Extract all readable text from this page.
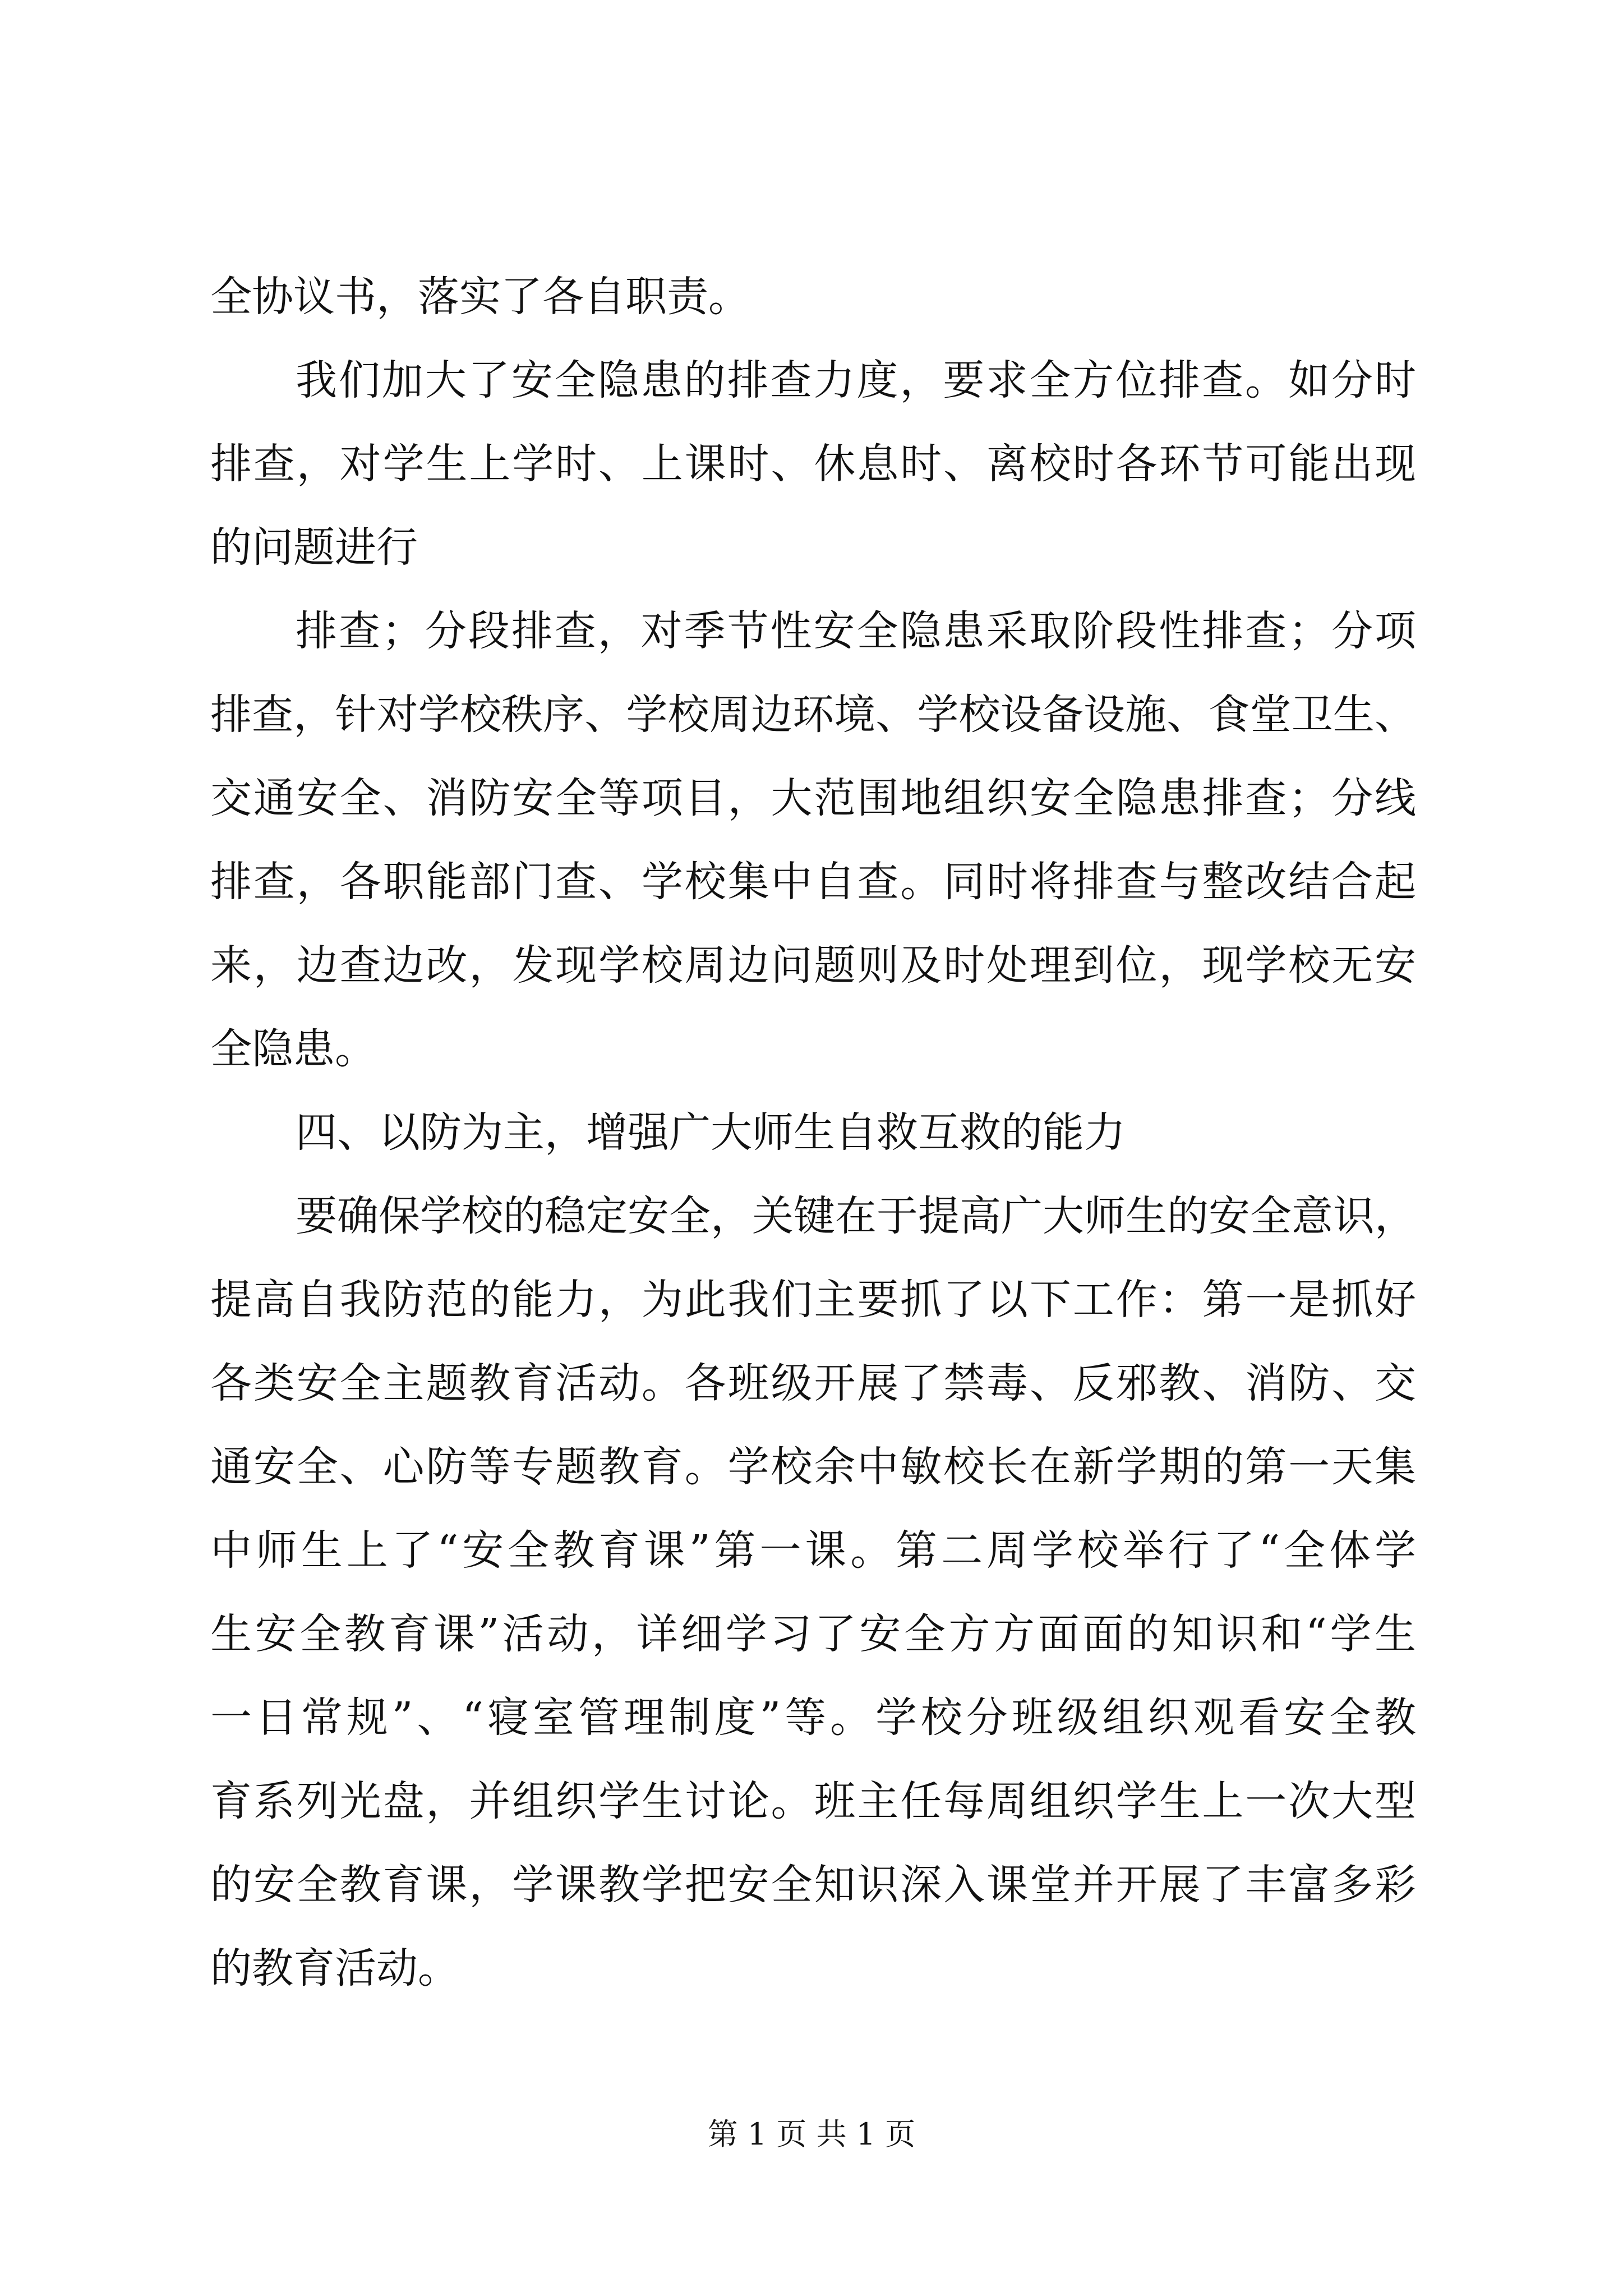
全协议书，落实了各自职责。
我们加大了安全隐患的排查力度，要求全方位排查。如分时
排查，对学生上学时、上课时、休息时、离校时各环节可能出现
的问题进行
排查；分段排查，对季节性安全隐患采取阶段性排查；分项
排查，针对学校秩序、学校周边环境、学校设备设施、食堂卫生、
交通安全、消防安全等项目，大范围地组织安全隐患排查；分线
排查，各职能部门查、学校集中自查。同时将排查与整改结合起
来，边查边改，发现学校周边问题则及时处理到位，现学校无安
全隐患。
四、以防为主，增强广大师生自救互救的能力
要确保学校的稳定安全，关键在于提高广大师生的安全意识，
提高自我防范的能力，为此我们主要抓了以下工作：第一是抓好
各类安全主题教育活动。各班级开展了禁毒、反邪教、消防、交
通安全、心防等专题教育。学校余中敏校长在新学期的第一天集
中师生上了“安全教育课”第一课。第二周学校举行了“全体学
生安全教育课”活动，详细学习了安全方方面面的知识和“学生
一日常规”、“寝室管理制度”等。学校分班级组织观看安全教
育系列光盘，并组织学生讨论。班主任每周组织学生上一次大型
的安全教育课，学课教学把安全知识深入课堂并开展了丰富多彩
的教育活动。
第 1 页 共 1 页
